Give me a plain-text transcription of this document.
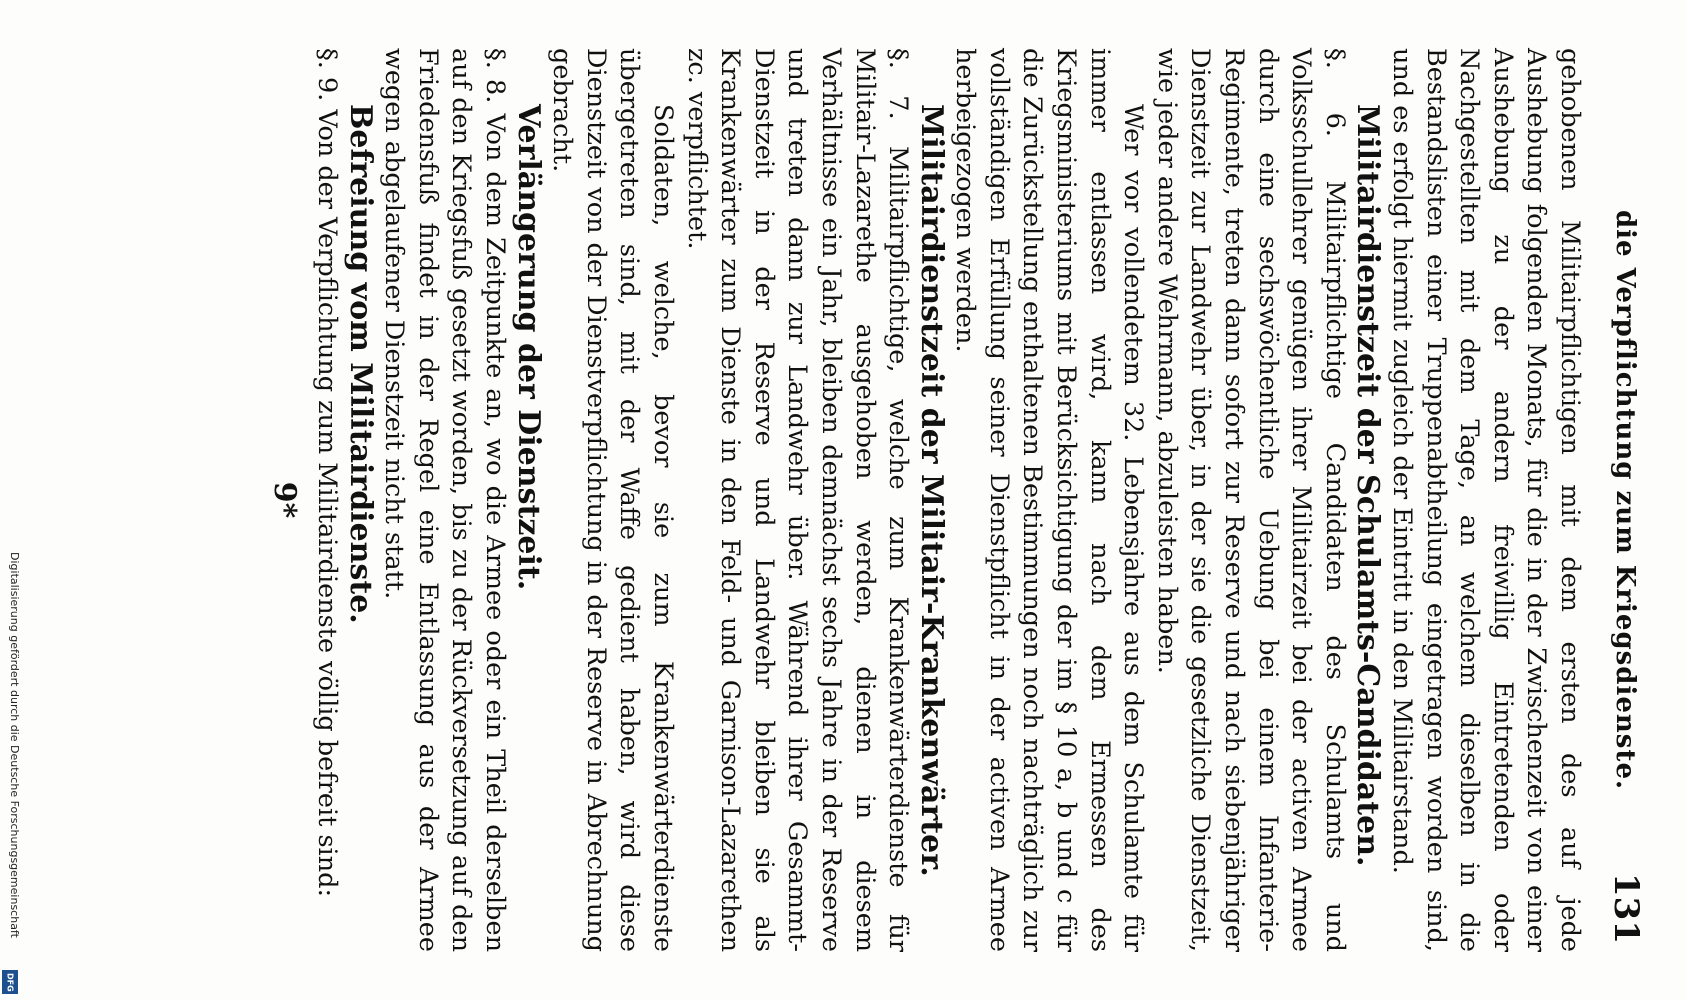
die Verpflichtung zum Kriegsdienste.
131

gehobenen Militairpflichtigen mit dem ersten des auf jede Aushebung folgenden Monats, für die in der Zwischenzeit von einer Aushebung zu der andern freiwillig Eintretenden oder Nachgestellten mit dem Tage, an welchem dieselben in die Bestandslisten einer Truppenabtheilung eingetragen worden sind, und es erfolgt hiermit zugleich der Eintritt in den Militairstand.

Militairdienstzeit der Schulamts-Candidaten.

§. 6. Militairpflichtige Candidaten des Schulamts und Volksschullehrer genügen ihrer Militairzeit bei der activen Armee durch eine sechswöchentliche Uebung bei einem Infanterie-Regimente, treten dann sofort zur Reserve und nach siebenjähriger Dienstzeit zur Landwehr über, in der sie die gesetzliche Dienstzeit, wie jeder andere Wehrmann, abzuleisten haben.

Wer vor vollendetem 32. Lebensjahre aus dem Schulamte für immer entlassen wird, kann nach dem Ermessen des Kriegsministeriums mit Berücksichtigung der im § 10 a, b und c für die Zurückstellung enthaltenen Bestimmungen noch nachträglich zur vollständigen Erfüllung seiner Dienstpflicht in der activen Armee herbeigezogen werden.

Militairdienstzeit der Militair-Krankenwärter.

§. 7. Militairpflichtige, welche zum Krankenwärterdienste für Militair-Lazarethe ausgehoben werden, dienen in diesem Verhältnisse ein Jahr, bleiben demnächst sechs Jahre in der Reserve und treten dann zur Landwehr über. Während ihrer Gesammt-Dienstzeit in der Reserve und Landwehr bleiben sie als Krankenwärter zum Dienste in den Feld- und Garnison-Lazarethen zc. verpflichtet.

Soldaten, welche, bevor sie zum Krankenwärterdienste übergetreten sind, mit der Waffe gedient haben, wird diese Dienstzeit von der Dienstverpflichtung in der Reserve in Abrechnung gebracht.

Verlängerung der Dienstzeit.

§. 8. Von dem Zeitpunkte an, wo die Armee oder ein Theil derselben auf den Kriegsfuß gesetzt worden, bis zu der Rückversetzung auf den Friedensfuß findet in der Regel eine Entlassung aus der Armee wegen abgelaufener Dienstzeit nicht statt.

Befreiung vom Militairdienste.

§. 9. Von der Verpflichtung zum Militairdienste völlig befreit sind:

9*
Digitalisierung gefördert durch die Deutsche Forschungsgemeinschaft
DFG
